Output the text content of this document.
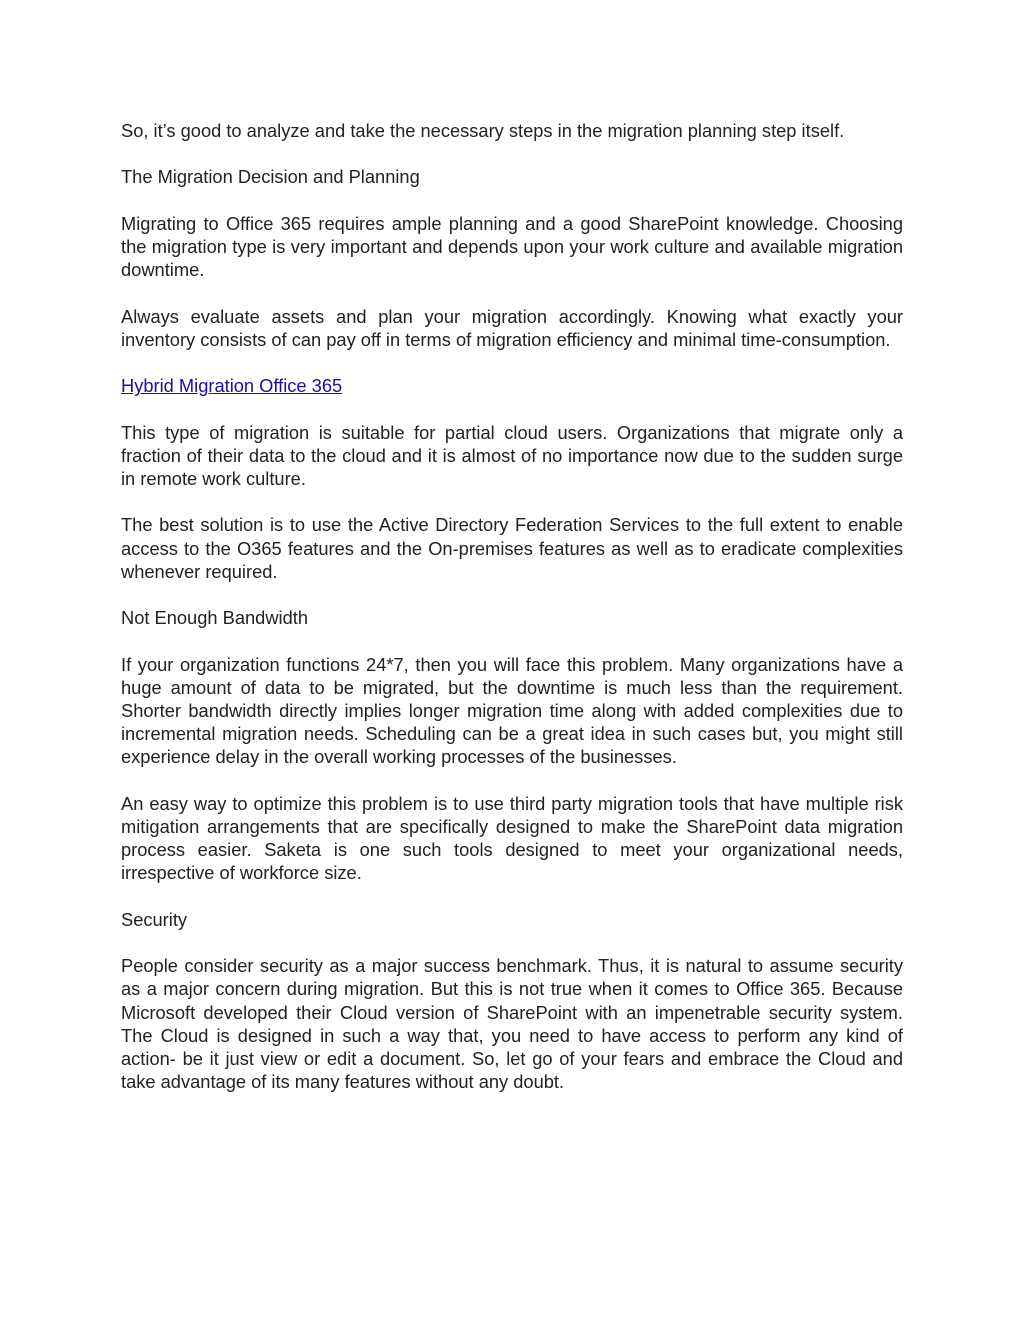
So, it’s good to analyze and take the necessary steps in the migration planning step itself.

The Migration Decision and Planning

Migrating to Office 365 requires ample planning and a good SharePoint knowledge. Choosing the migration type is very important and depends upon your work culture and available migration downtime.

Always evaluate assets and plan your migration accordingly. Knowing what exactly your inventory consists of can pay off in terms of migration efficiency and minimal time-consumption.

Hybrid Migration Office 365

This type of migration is suitable for partial cloud users. Organizations that migrate only a fraction of their data to the cloud and it is almost of no importance now due to the sudden surge in remote work culture.

The best solution is to use the Active Directory Federation Services to the full extent to enable access to the O365 features and the On-premises features as well as to eradicate complexities whenever required.

Not Enough Bandwidth

If your organization functions 24*7, then you will face this problem. Many organizations have a huge amount of data to be migrated, but the downtime is much less than the requirement. Shorter bandwidth directly implies longer migration time along with added complexities due to incremental migration needs. Scheduling can be a great idea in such cases but, you might still experience delay in the overall working processes of the businesses.

An easy way to optimize this problem is to use third party migration tools that have multiple risk mitigation arrangements that are specifically designed to make the SharePoint data migration process easier. Saketa is one such tools designed to meet your organizational needs, irrespective of workforce size.

Security

People consider security as a major success benchmark. Thus, it is natural to assume security as a major concern during migration. But this is not true when it comes to Office 365. Because Microsoft developed their Cloud version of SharePoint with an impenetrable security system. The Cloud is designed in such a way that, you need to have access to perform any kind of action- be it just view or edit a document. So, let go of your fears and embrace the Cloud and take advantage of its many features without any doubt.
